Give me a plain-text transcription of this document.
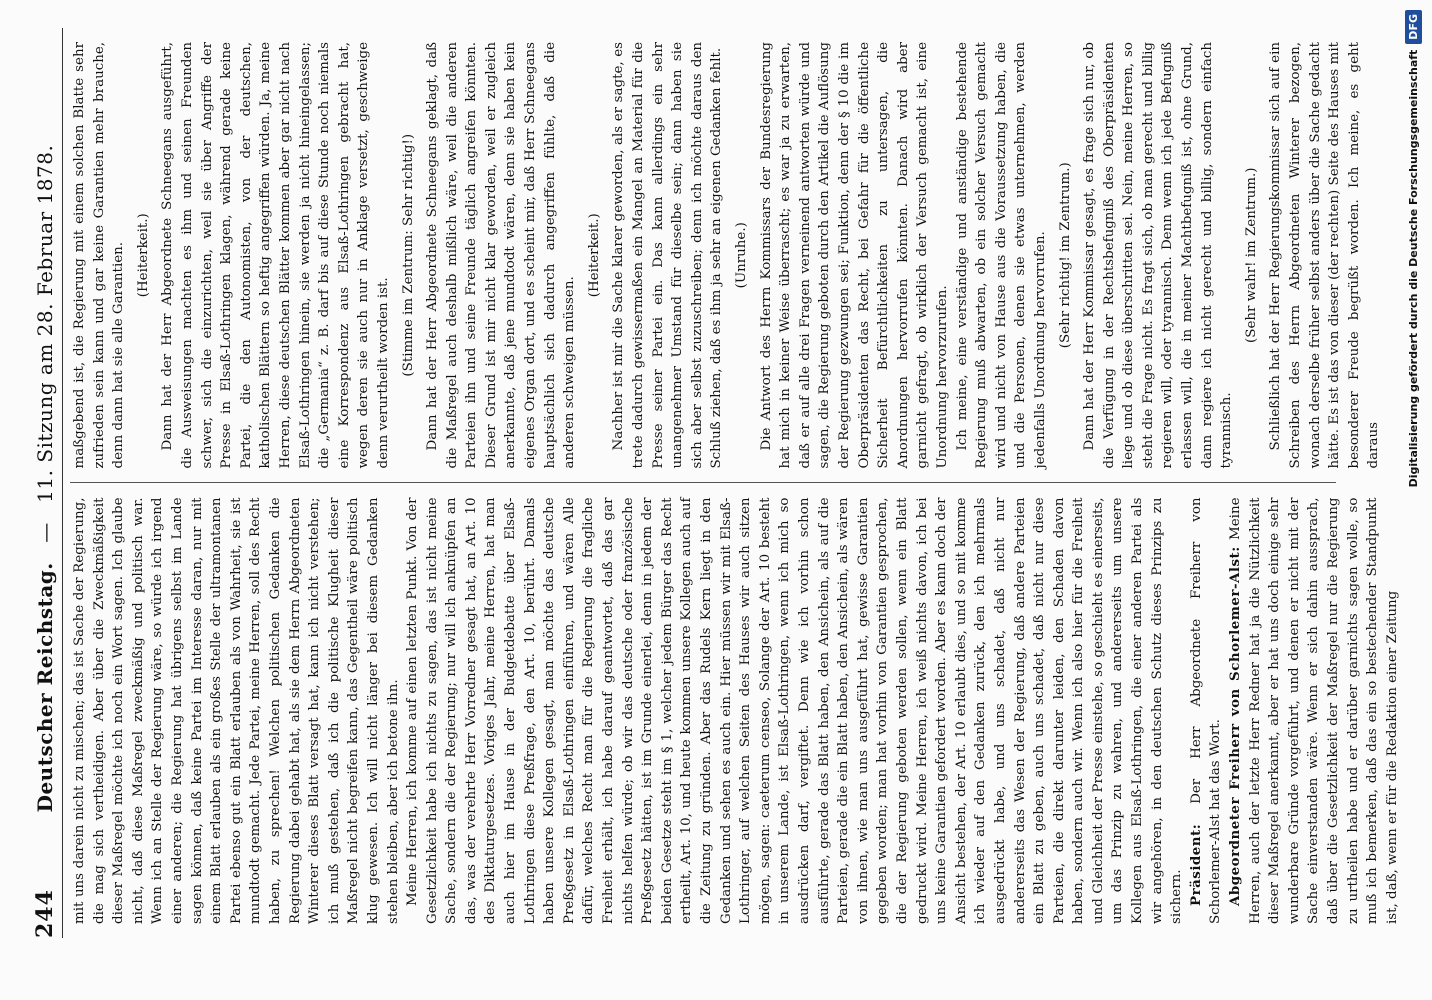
244
Deutscher Reichstag. — 11. Sitzung am 28. Februar 1878.

mit uns darein nicht zu mischen; das ist Sache der Regierung, die mag sich vertheidigen. Aber über die Zweckmäßigkeit dieser Maßregel möchte ich noch ein Wort sagen. Ich glaube nicht, daß diese Maßregel zweckmäßig und politisch war. Wenn ich an Stelle der Regierung wäre, so würde ich irgend einer anderen; die Regierung hat übrigens selbst im Lande sagen können, daß keine Partei im Interesse daran, nur mit einem Blatt erlauben als ein großes Stelle der ultramontanen Partei ebenso gut ein Blatt erlauben als von Wahrheit, sie ist mundtodt gemacht. Jede Partei, meine Herren, soll des Recht haben, zu sprechen! Welchen politischen Gedanken die Regierung dabei gehabt hat, als sie dem Herrn Abgeordneten Winterer dieses Blatt versagt hat, kann ich nicht verstehen; ich muß gestehen, daß ich die politische Klugheit dieser Maßregel nicht begreifen kann, das Gegentheil wäre politisch klug gewesen. Ich will nicht länger bei diesem Gedanken stehen bleiben, aber ich betone ihn. Meine Herren, ich komme auf einen letzten Punkt. Von der Gesetzlichkeit habe ich nichts zu sagen, das ist nicht meine Sache, sondern die der Regierung; nur will ich anknüpfen an das, was der verehrte Herr Vorredner gesagt hat, an Art. 10 des Diktaturgesetzes. Voriges Jahr, meine Herren, hat man auch hier im Hause in der Budgetdebatte über Elsaß-Lothringen diese Preßfrage, den Art. 10, berührt. Damals haben unsere Kollegen gesagt, man möchte das deutsche Preßgesetz in Elsaß-Lothringen einführen, und wären Alle dafür, welches Recht man für die Regierung die fragliche Freiheit erhält, ich habe darauf geantwortet, daß das gar nichts helfen würde; ob wir das deutsche oder französische Preßgesetz hätten, ist im Grunde einerlei, denn in jedem der beiden Gesetze steht im § 1, welcher jedem Bürger das Recht ertheilt, Art. 10, und heute kommen unsere Kollegen auch auf die Zeitung zu gründen. Aber das Rudels Kern liegt in den Gedanken und sehen es auch ein. Hier müssen wir mit Elsaß-Lothringer, auf welchen Seiten des Hauses wir auch sitzen mögen, sagen: caeterum censeo, Solange der Art. 10 besteht in unserem Lande, ist Elsaß-Lothringen, wenn ich mich so ausdrücken darf, vergiftet. Denn wie ich vorhin schon ausführte, gerade das Blatt haben, den Ansichein, als auf die Parteien, gerade die ein Blatt haben, den Ansichein, als wären von ihnen, wie man uns ausgeführt hat, gewisse Garantien gegeben worden; man hat vorhin von Garantien gesprochen, die der Regierung geboten werden sollen, wenn ein Blatt gedruckt wird. Meine Herren, ich weiß nichts davon, ich bei uns keine Garantien gefordert worden. Aber es kann doch der Ansicht bestehen, der Art. 10 erlaubt dies, und so mit komme ich wieder auf den Gedanken zurück, den ich mehrmals ausgedrückt habe, und uns schadet, daß nicht nur andererseits das Wesen der Regierung, daß andere Parteien ein Blatt zu geben, auch uns schadet, daß nicht nur diese Parteien, die direkt darunter leiden, den Schaden davon haben, sondern auch wir. Wenn ich also hier für die Freiheit und Gleichheit der Presse einstehe, so geschieht es einerseits, um das Prinzip zu wahren, und andererseits um unsere Kollegen aus Elsaß-Lothringen, die einer anderen Partei als wir angehören, in den deutschen Schutz dieses Prinzips zu sichern. Präsident: Der Herr Abgeordnete Freiherr von Schorlemer-Alst hat das Wort. Abgeordneter Freiherr von Schorlemer-Alst: Meine Herren, auch der letzte Herr Redner hat ja die Nützlichkeit dieser Maßregel anerkannt, aber er hat uns doch einige sehr wunderbare Gründe vorgeführt, und denen er nicht mit der Sache einverstanden wäre. Wenn er sich dahin aussprach, daß über die Gesetzlichkeit der Maßregel nur die Regierung zu urtheilen habe und er darüber garnichts sagen wolle, so muß ich bemerken, daß das ein so bestechender Standpunkt ist, daß, wenn er für die Redaktion einer Zeitung

maßgebend ist, die Regierung mit einem solchen Blatte sehr zufrieden sein kann und gar keine Garantien mehr brauche, denn dann hat sie alle Garantien. (Heiterkeit.) Dann hat der Herr Abgeordnete Schneegans ausgeführt, die Ausweisungen machten es ihm und seinen Freunden schwer, sich die einzurichten, weil sie über Angriffe der Presse in Elsaß-Lothringen klagen, während gerade keine Partei, die den Autonomisten, von der deutschen, katholischen Blättern so heftig angegriffen würden. Ja, meine Herren, diese deutschen Blätter kommen aber gar nicht nach Elsaß-Lothringen hinein, sie werden ja nicht hineingelassen; die „Germania“ z. B. darf bis auf diese Stunde noch niemals eine Korrespondenz aus Elsaß-Lothringen gebracht hat, wegen deren sie auch nur in Anklage versetzt, geschweige denn verurtheilt worden ist. (Stimme im Zentrum: Sehr richtig!) Dann hat der Herr Abgeordnete Schneegans geklagt, daß die Maßregel auch deshalb mißlich wäre, weil die anderen Parteien ihn und seine Freunde täglich angreifen könnten. Dieser Grund ist mir nicht klar geworden, weil er zugleich anerkannte, daß jene mundtodt wären, denn sie haben kein eigenes Organ dort, und es scheint mir, daß Herr Schneegans hauptsächlich sich dadurch angegriffen fühlte, daß die anderen schweigen müssen.

(Heiterkeit.) Nachher ist mir die Sache klarer geworden, als er sagte, es trete dadurch gewissermaßen ein Mangel an Material für die Presse seiner Partei ein. Das kann allerdings ein sehr unangenehmer Umstand für dieselbe sein; dann haben sie sich aber selbst zuzuschreiben; denn ich möchte daraus den Schluß ziehen, daß es ihm ja sehr an eigenen Gedanken fehlt. (Unruhe.) Die Antwort des Herrn Kommissars der Bundesregierung hat mich in keiner Weise überrascht; es war ja zu erwarten, daß er auf alle drei Fragen verneinend antworten würde und sagen, die Regierung geboten durch den Artikel die Auflösung der Regierung gezwungen sei; Funktion, denn der § 10 die im Oberpräsidenten das Recht, bei Gefahr für die öffentliche Sicherheit Befürchtlichkeiten zu untersagen, die Anordnungen hervorrufen könnten. Danach wird aber garnicht gefragt, ob wirklich der Versuch gemacht ist, eine Unordnung hervorzurufen. Ich meine, eine verständige und anständige bestehende Regierung muß abwarten, ob ein solcher Versuch gemacht wird und nicht von Hause aus die Voraussetzung haben, die und die Personen, denen sie etwas unternehmen, werden jedenfalls Unordnung hervorrufen. (Sehr richtig! im Zentrum.) Dann hat der Herr Kommissar gesagt, es frage sich nur, ob die Verfügung in der Rechtsbefugniß des Oberpräsidenten liege und ob diese überschritten sei. Nein, meine Herren, so steht die Frage nicht. Es fragt sich, ob man gerecht und billig regieren will, oder tyrannisch. Denn wenn ich jede Befugniß erlassen will, die in meiner Machtbefugniß ist, ohne Grund, dann regiere ich nicht gerecht und billig, sondern einfach tyrannisch.

(Sehr wahr! im Zentrum.) Schließlich hat der Herr Regierungskommissar sich auf ein Schreiben des Herrn Abgeordneten Winterer bezogen, wonach derselbe früher selbst anders über die Sache gedacht hätte. Es ist das von dieser (der rechten) Seite des Hauses mit besonderer Freude begrüßt worden. Ich meine, es geht daraus Digitalisierung gefördert durch die Deutsche Forschungsgemeinschaft
DFG
